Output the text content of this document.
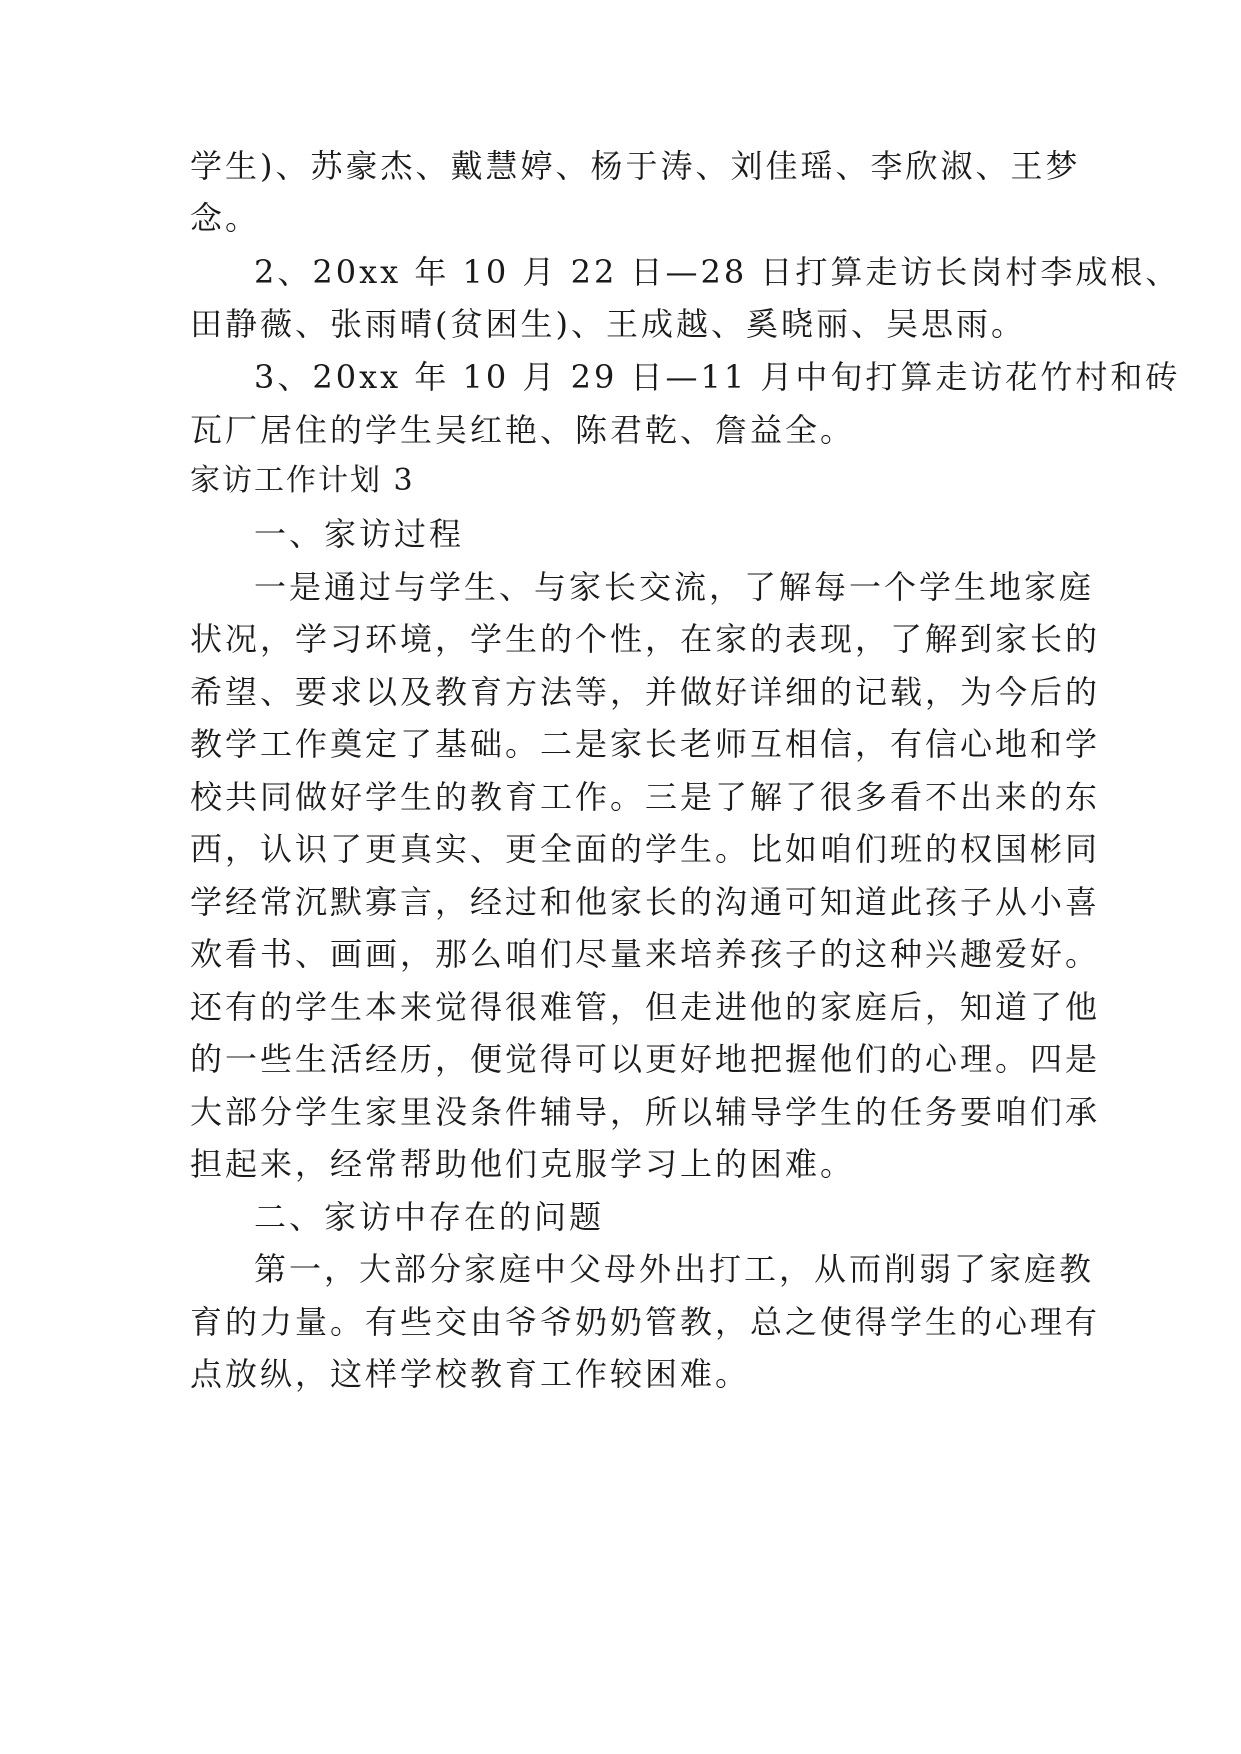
学生)、苏豪杰、戴慧婷、杨于涛、刘佳瑶、李欣淑、王梦
念。
2、20xx 年 10 月 22 日—28 日打算走访长岗村李成根、
田静薇、张雨晴(贫困生)、王成越、奚晓丽、吴思雨。
3、20xx 年 10 月 29 日—11 月中旬打算走访花竹村和砖
瓦厂居住的学生吴红艳、陈君乾、詹益全。
家访工作计划 3
一、家访过程
一是通过与学生、与家长交流，了解每一个学生地家庭
状况，学习环境，学生的个性，在家的表现，了解到家长的
希望、要求以及教育方法等，并做好详细的记载，为今后的
教学工作奠定了基础。二是家长老师互相信，有信心地和学
校共同做好学生的教育工作。三是了解了很多看不出来的东
西，认识了更真实、更全面的学生。比如咱们班的权国彬同
学经常沉默寡言，经过和他家长的沟通可知道此孩子从小喜
欢看书、画画，那么咱们尽量来培养孩子的这种兴趣爱好。
还有的学生本来觉得很难管，但走进他的家庭后，知道了他
的一些生活经历，便觉得可以更好地把握他们的心理。四是
大部分学生家里没条件辅导，所以辅导学生的任务要咱们承
担起来，经常帮助他们克服学习上的困难。
二、家访中存在的问题
第一，大部分家庭中父母外出打工，从而削弱了家庭教
育的力量。有些交由爷爷奶奶管教，总之使得学生的心理有
点放纵，这样学校教育工作较困难。
